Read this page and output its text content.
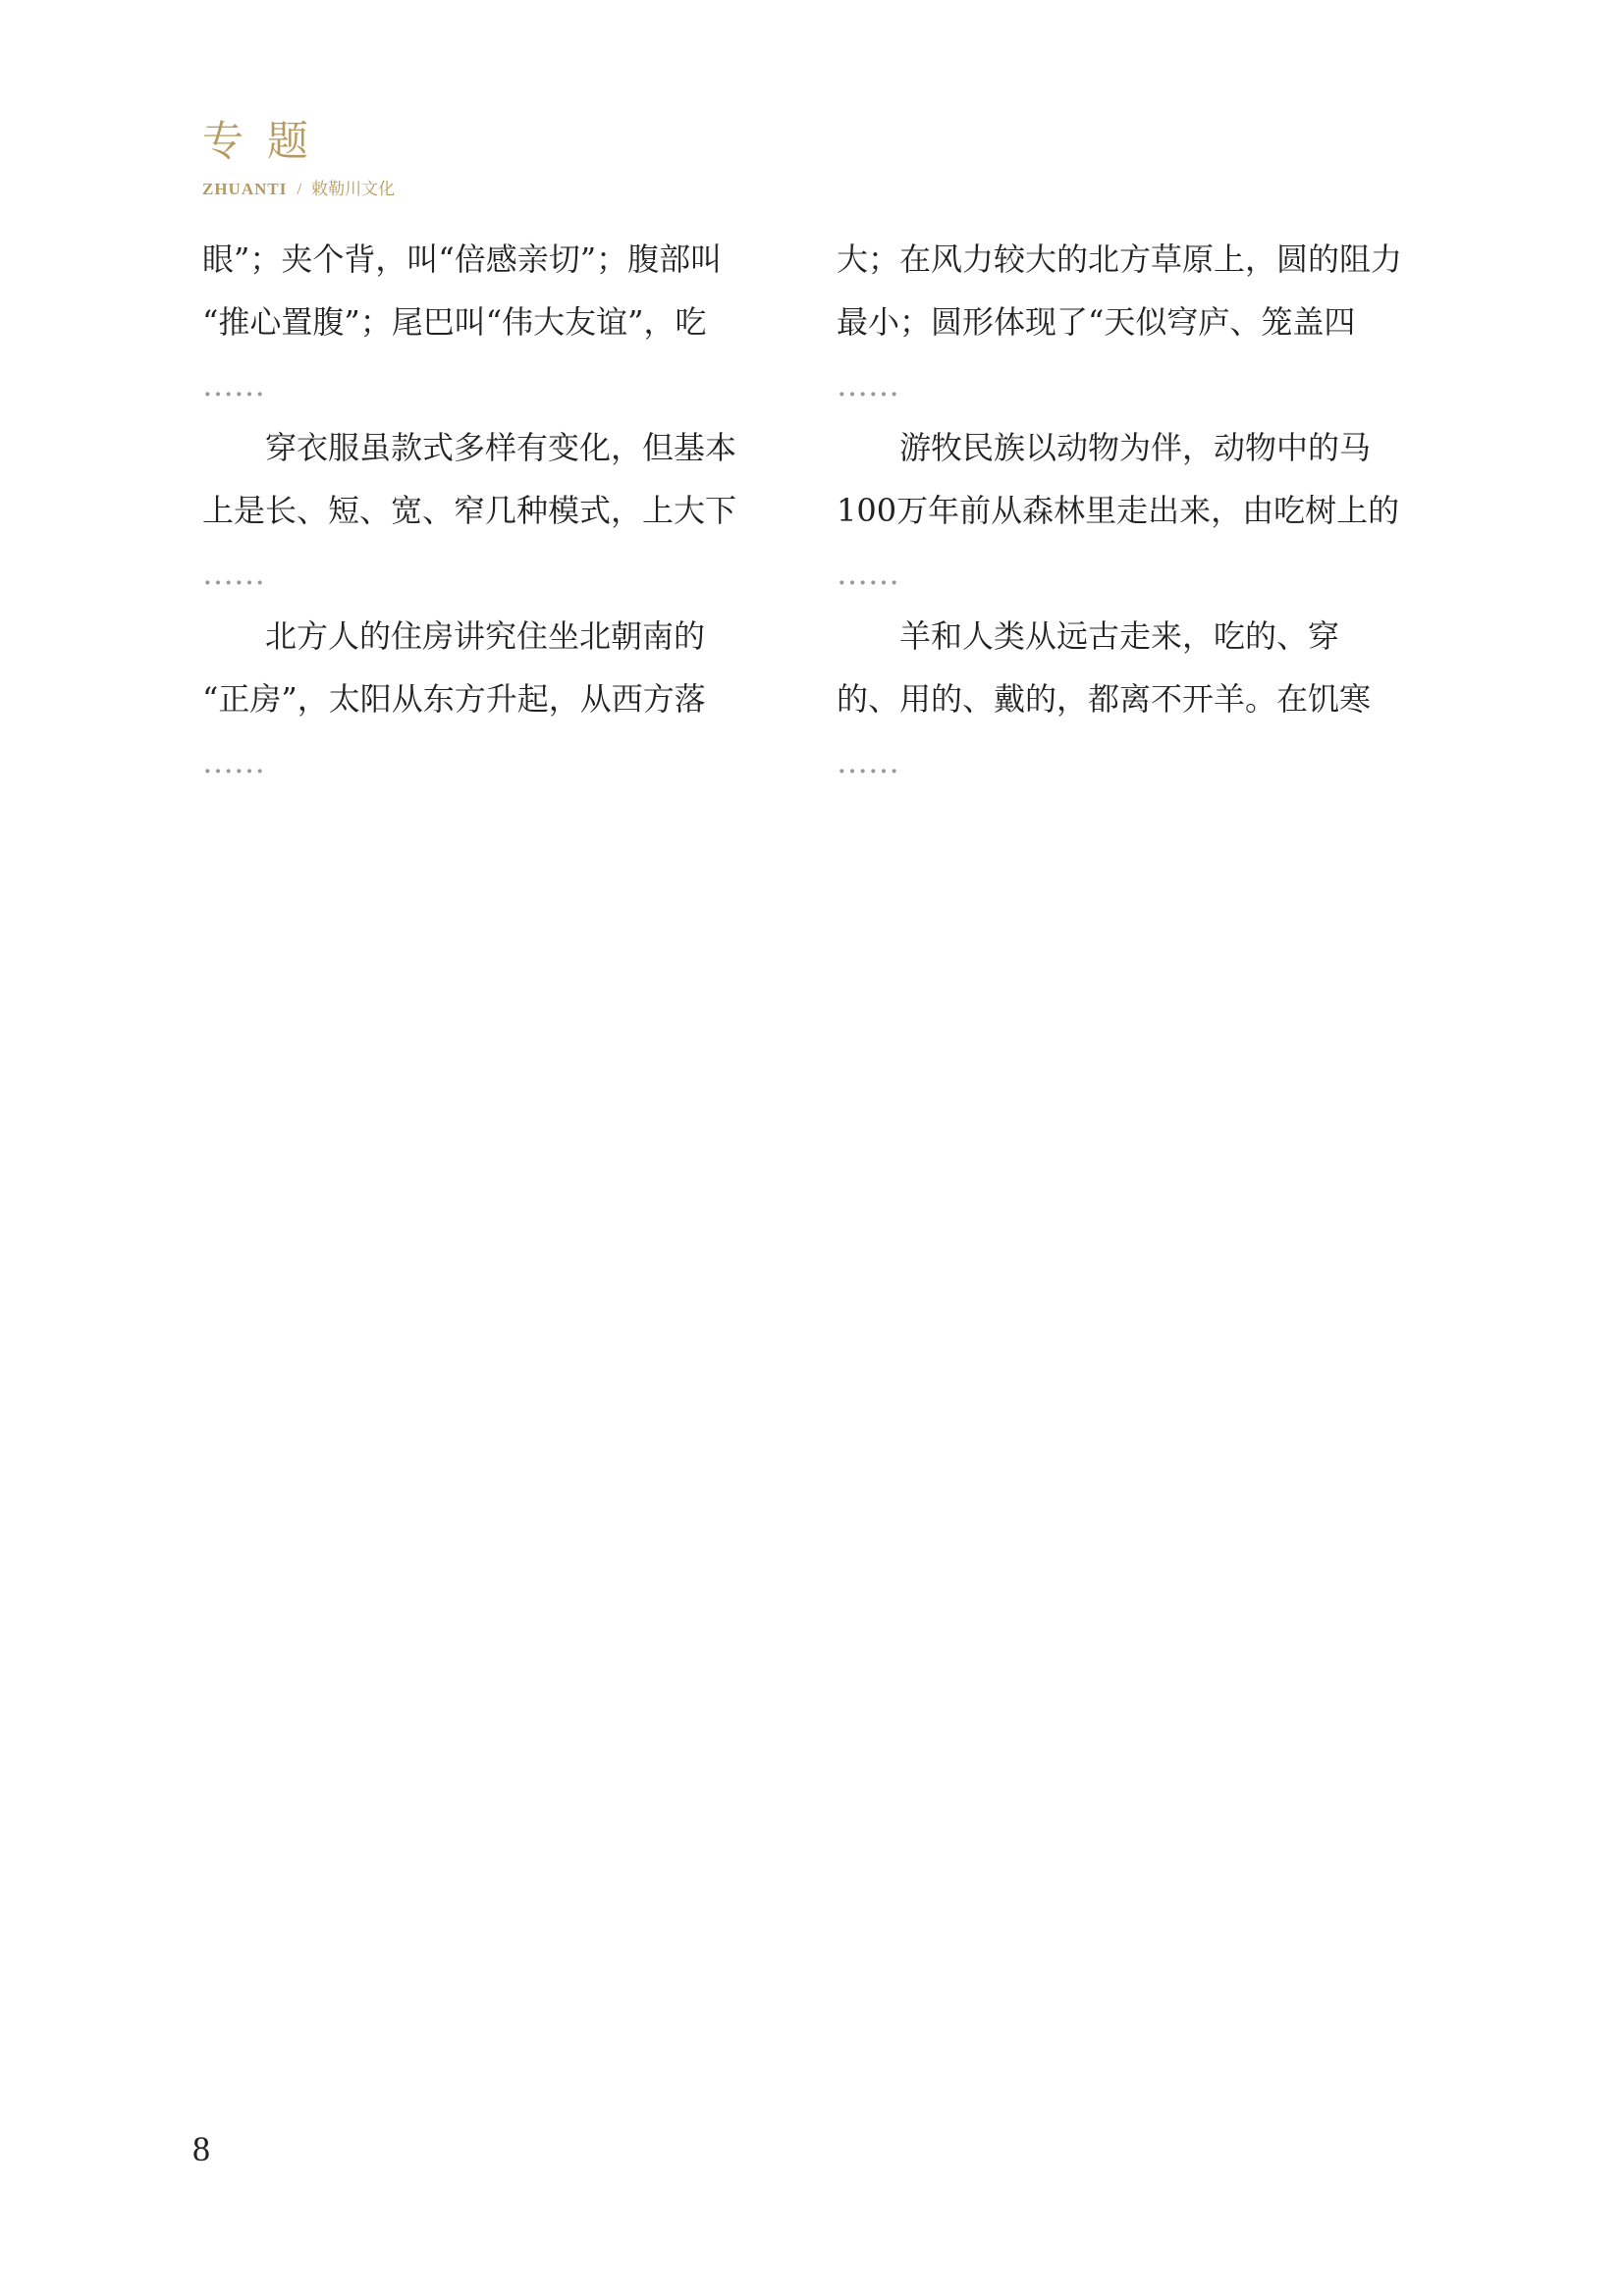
专题
ZHUANTI / 敕勒川文化

眼”；夹个背，叫“倍感亲切”；腹部叫
“推心置腹”；尾巴叫“伟大友谊”，吃
……

穿衣服虽款式多样有变化，但基本
上是长、短、宽、窄几种模式，上大下
……

北方人的住房讲究住坐北朝南的
“正房”，太阳从东方升起，从西方落
……

大；在风力较大的北方草原上，圆的阻力
最小；圆形体现了“天似穹庐、笼盖四
……

游牧民族以动物为伴，动物中的马
100万年前从森林里走出来，由吃树上的
……

羊和人类从远古走来，吃的、穿
的、用的、戴的，都离不开羊。在饥寒
……

8
